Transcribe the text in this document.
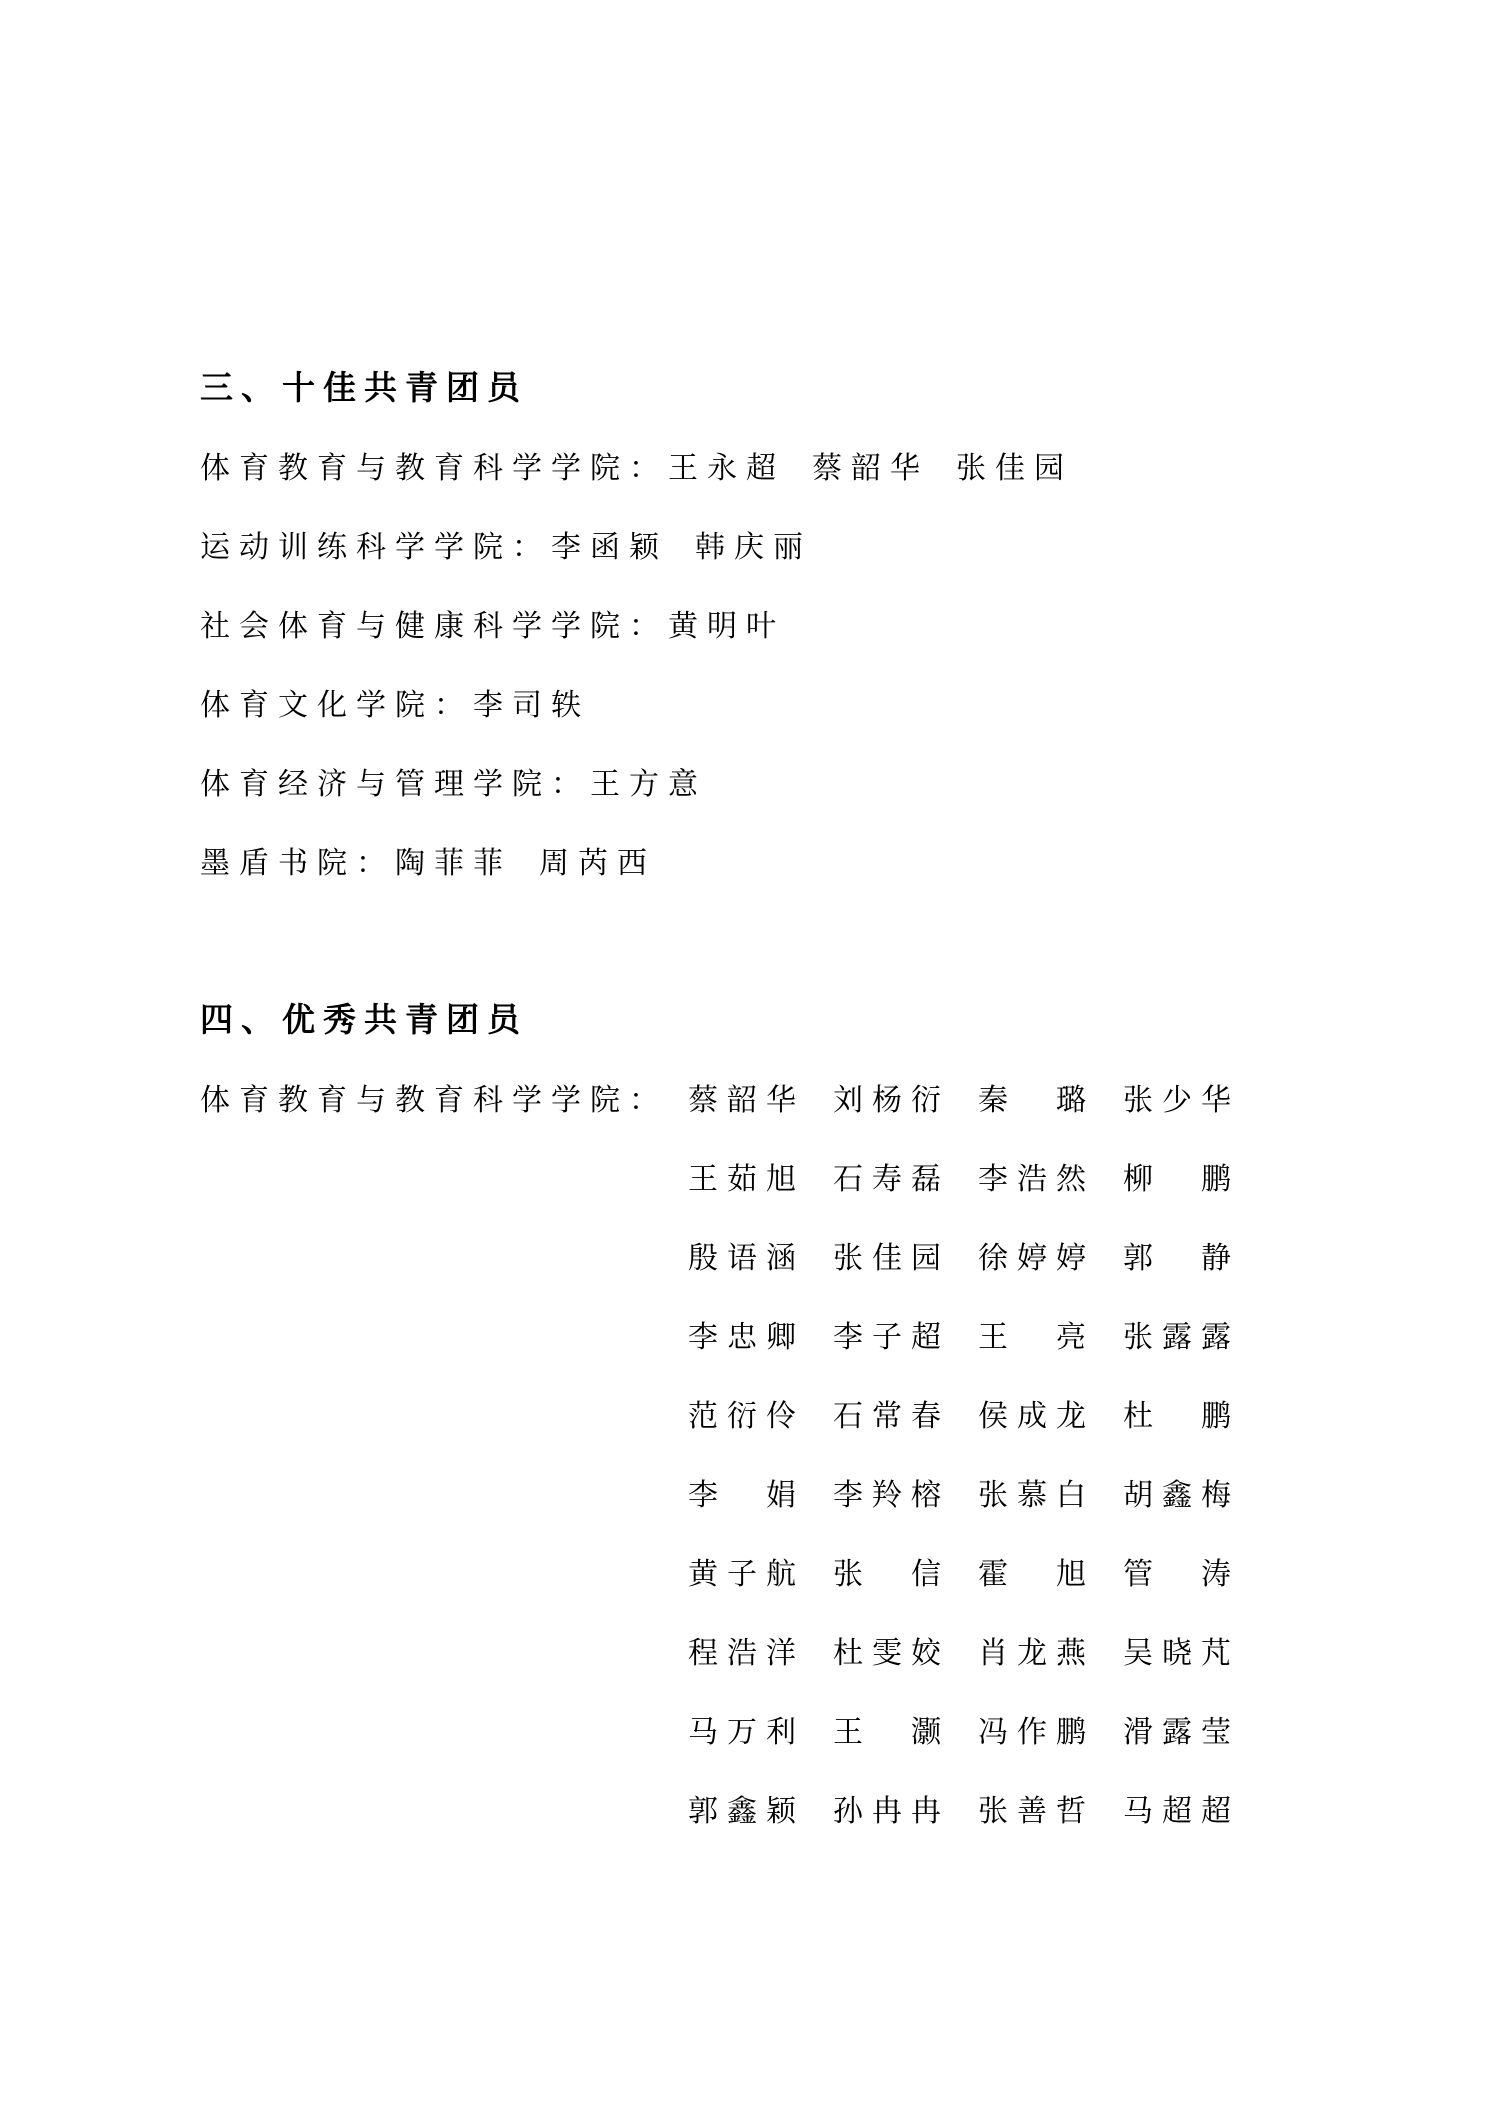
三、十佳共青团员
体育教育与教育科学学院： 王永超 蔡韶华 张佳园
运动训练科学学院： 李函颖 韩庆丽
社会体育与健康科学学院： 黄明叶
体育文化学院： 李司轶
体育经济与管理学院： 王方意
墨盾书院： 陶菲菲 周芮西
四、优秀共青团员
体育教育与教育科学学院： 蔡韶华 刘杨衍 秦　璐 张少华
王茹旭 石寿磊 李浩然 柳　鹏
殷语涵 张佳园 徐婷婷 郭　静
李忠卿 李子超 王　亮 张露露
范衍伶 石常春 侯成龙 杜　鹏
李　娟 李羚榕 张慕白 胡鑫梅
黄子航 张　信 霍　旭 管　涛
程浩洋 杜雯姣 肖龙燕 吴晓芃
马万利 王　灏 冯作鹏 滑露莹
郭鑫颖 孙冉冉 张善哲 马超超
